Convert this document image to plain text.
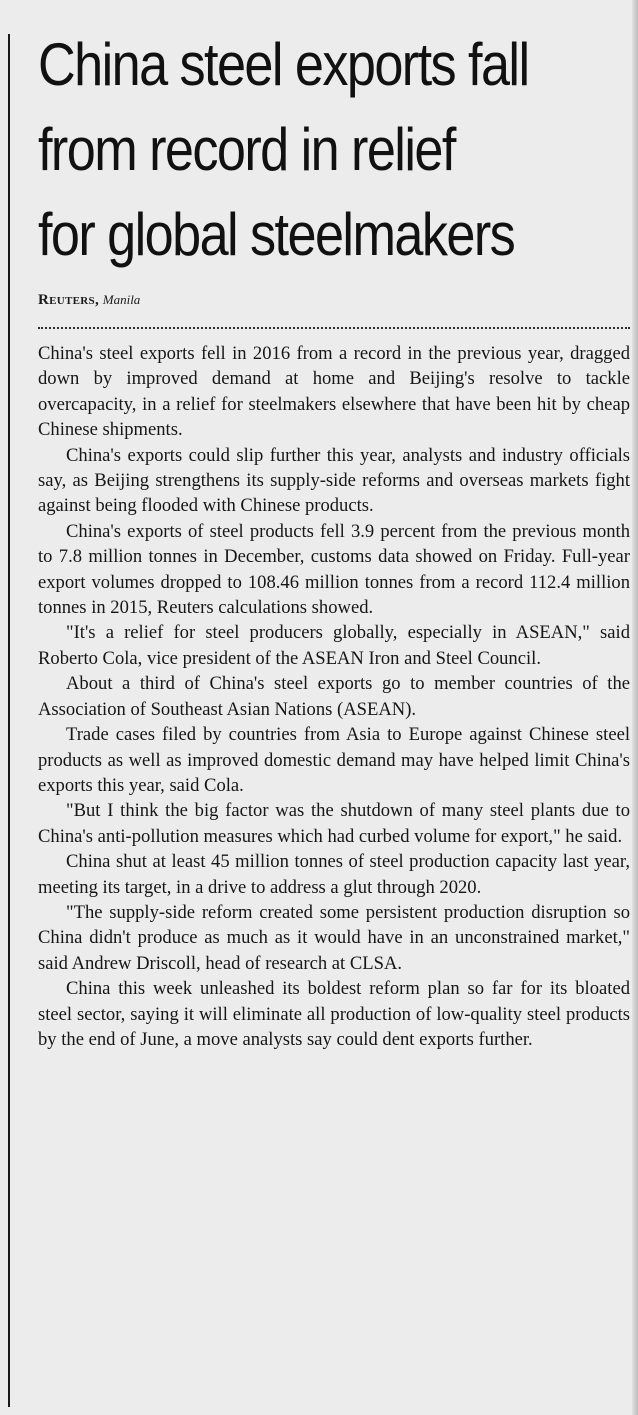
China steel exports fall
from record in relief
for global steelmakers
Reuters, Manila

China's steel exports fell in 2016 from a record in the previous year, dragged down by improved demand at home and Beijing's resolve to tackle overcapacity, in a relief for steelmakers elsewhere that have been hit by cheap Chinese shipments.

China's exports could slip further this year, analysts and industry officials say, as Beijing strengthens its supply-side reforms and overseas markets fight against being flooded with Chinese products.

China's exports of steel products fell 3.9 percent from the previous month to 7.8 million tonnes in December, customs data showed on Friday. Full-year export volumes dropped to 108.46 million tonnes from a record 112.4 million tonnes in 2015, Reuters calculations showed.

"It's a relief for steel producers globally, especially in ASEAN," said Roberto Cola, vice president of the ASEAN Iron and Steel Council.

About a third of China's steel exports go to member countries of the Association of Southeast Asian Nations (ASEAN).

Trade cases filed by countries from Asia to Europe against Chinese steel products as well as improved domestic demand may have helped limit China's exports this year, said Cola.

"But I think the big factor was the shutdown of many steel plants due to China's anti-pollution measures which had curbed volume for export," he said.

China shut at least 45 million tonnes of steel production capacity last year, meeting its target, in a drive to address a glut through 2020.

"The supply-side reform created some persistent production disruption so China didn't produce as much as it would have in an unconstrained market," said Andrew Driscoll, head of research at CLSA.

China this week unleashed its boldest reform plan so far for its bloated steel sector, saying it will eliminate all production of low-quality steel products by the end of June, a move analysts say could dent exports further.
